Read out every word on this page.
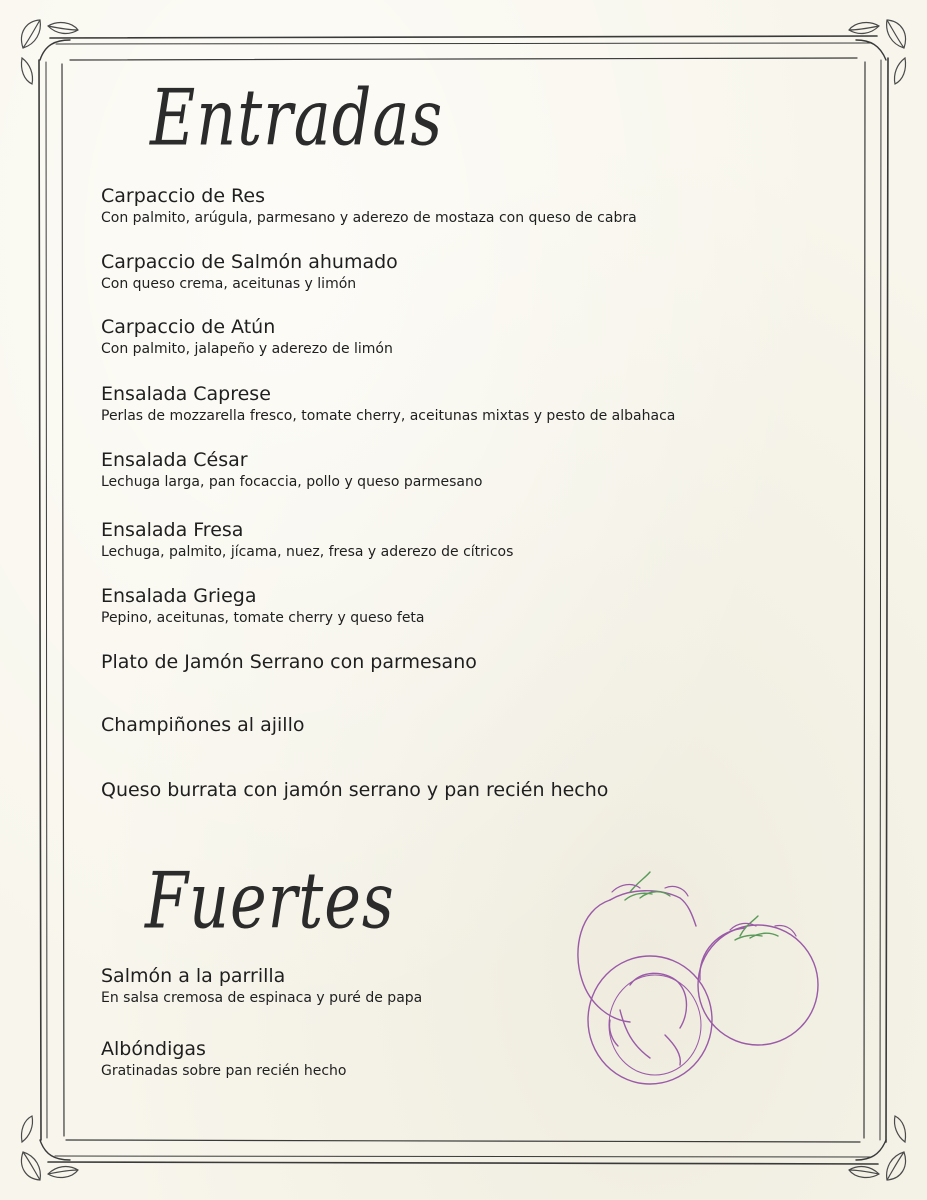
Entradas
Carpaccio de Res
Con palmito, arúgula, parmesano y aderezo de mostaza con queso de cabra
Carpaccio de Salmón ahumado
Con queso crema, aceitunas y limón
Carpaccio de Atún
Con palmito, jalapeño y aderezo de limón
Ensalada Caprese
Perlas de mozzarella fresco, tomate cherry, aceitunas mixtas y pesto de albahaca
Ensalada César
Lechuga larga, pan focaccia, pollo y queso parmesano
Ensalada Fresa
Lechuga, palmito, jícama, nuez, fresa y aderezo de cítricos
Ensalada Griega
Pepino, aceitunas, tomate cherry y queso feta
Plato de Jamón Serrano con parmesano
Champiñones al ajillo
Queso burrata con jamón serrano y pan recién hecho
Fuertes
Salmón a la parrilla
En salsa cremosa de espinaca y puré de papa
Albóndigas
Gratinadas sobre pan recién hecho
